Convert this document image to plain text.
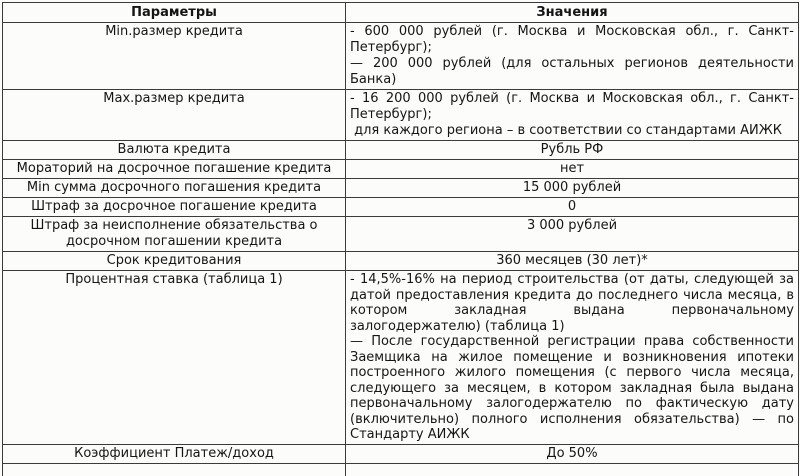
Параметры	Значения
Min.размер кредита	- 600 000 рублей (г. Москва и Московская обл., г. Санкт-Петербург);
— 200 000 рублей (для остальных регионов деятельности Банка)

Max.размер кредита	- 16 200 000 рублей (г. Москва и Московская обл., г. Санкт-Петербург);
для каждого региона – в соответствии со стандартами АИЖК

Валюта кредита	Рубль РФ

Мораторий на досрочное погашение кредита	нет

Min сумма досрочного погашения кредита	15 000 рублей

Штраф за досрочное погашение кредита	0

Штраф за неисполнение обязательства о досрочном погашении кредита	3 000 рублей

Срок кредитования	360 месяцев (30 лет)*

Процентная ставка (таблица 1)	- 14,5%-16% на период строительства (от даты, следующей за датой предоставления кредита до последнего числа месяца, в котором закладная выдана первоначальному залогодержателю) (таблица 1)
— После государственной регистрации права собственности Заемщика на жилое помещение и возникновения ипотеки построенного жилого помещения (с первого числа месяца, следующего за месяцем, в котором закладная была выдана первоначальному залогодержателю по фактическую дату (включительно) полного исполнения обязательства) — по Стандарту АИЖК

Коэффициент Платеж/доход	До 50%
